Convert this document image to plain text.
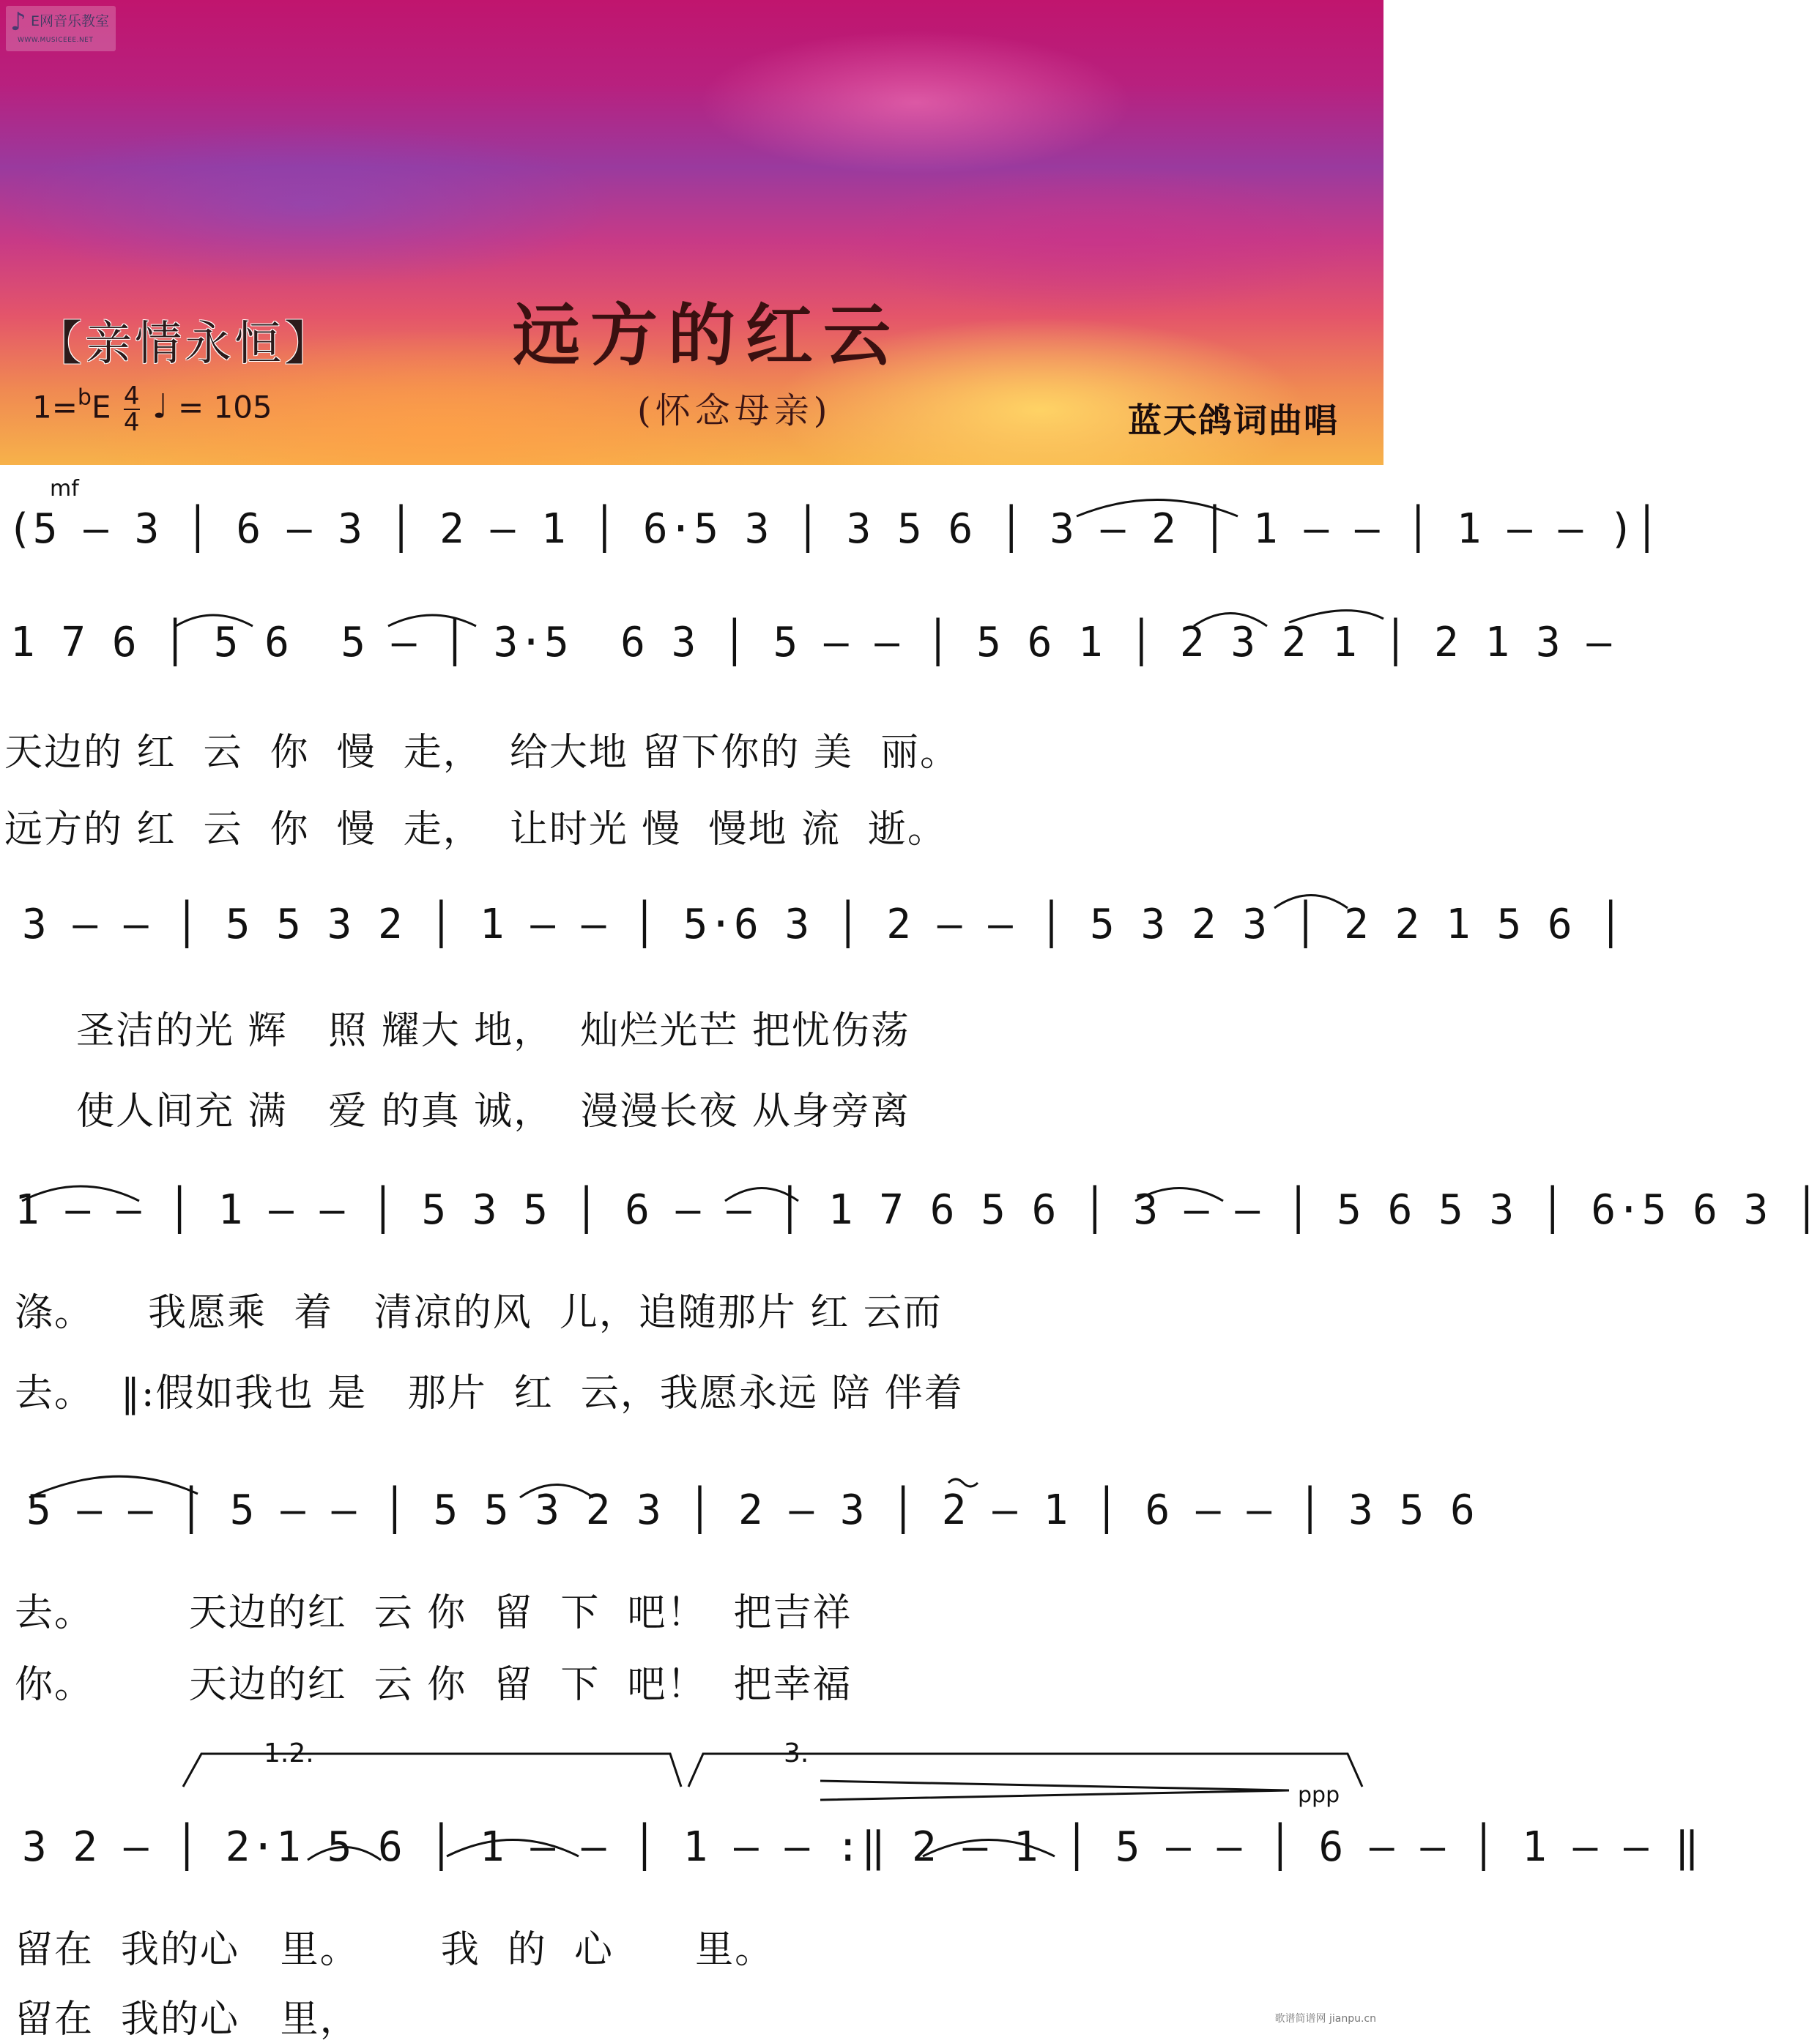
♪ E网音乐教室
WWW.MUSICEEE.NET
【亲情永恒】	远方的红云
(怀念母亲)	蓝天鸽词曲唱
$1=^bE \frac{4}{4}$ ♩ = 105
mf
1.2.	3.
ppp
(5 – 3 │ 6 – 3 │ 2 – 1 │ 6·5 3 │ 3 5 6 │ 3 – 2 │ 1 – – │ 1 – – )│
1 7 6 │ 5 6  5 – │ 3·5  6 3 │ 5 – – │ 5 6 1 │ 2 3 2 1 │ 2 1 3 –
天边的 红  云  你  慢  走，  给大地 留下你的 美  丽。
远方的 红  云  你  慢  走，  让时光 慢  慢地 流  逝。
3 – – │ 5 5 3 2 │ 1 – – │ 5·6 3 │ 2 – – │ 5 3 2 3 │ 2 2 1 5 6 │
圣洁的光 辉   照 耀大 地，  灿烂光芒 把忧伤荡
使人间充 满   爱 的真 诚，  漫漫长夜 从身旁离
1 – – │ 1 – – │ 5 3 5 │ 6 – – │ 1 7 6 5 6 │ 3 – – │ 5 6 5 3 │ 6·5 6 3 │
涤。    我愿乘  着   清凉的风  儿，追随那片 红 云而
去。  ‖:假如我也 是   那片  红  云，我愿永远 陪 伴着
5 – – │ 5 – – │ 5 5 3 2 3 │ 2 – 3 │ 2 – 1 │ 6 – – │ 3 5 6
去。       天边的红  云 你  留  下  吧！  把吉祥
你。       天边的红  云 你  留  下  吧！  把幸福
3 2 – │ 2·1 5 6 │ 1 – – │ 1 – – :‖ 2 – 1 │ 5 – – │ 6 – – │ 1 – – ‖
留在  我的心   里。      我  的  心      里。
留在  我的心   里，	歌谱简谱网 jianpu.cn
